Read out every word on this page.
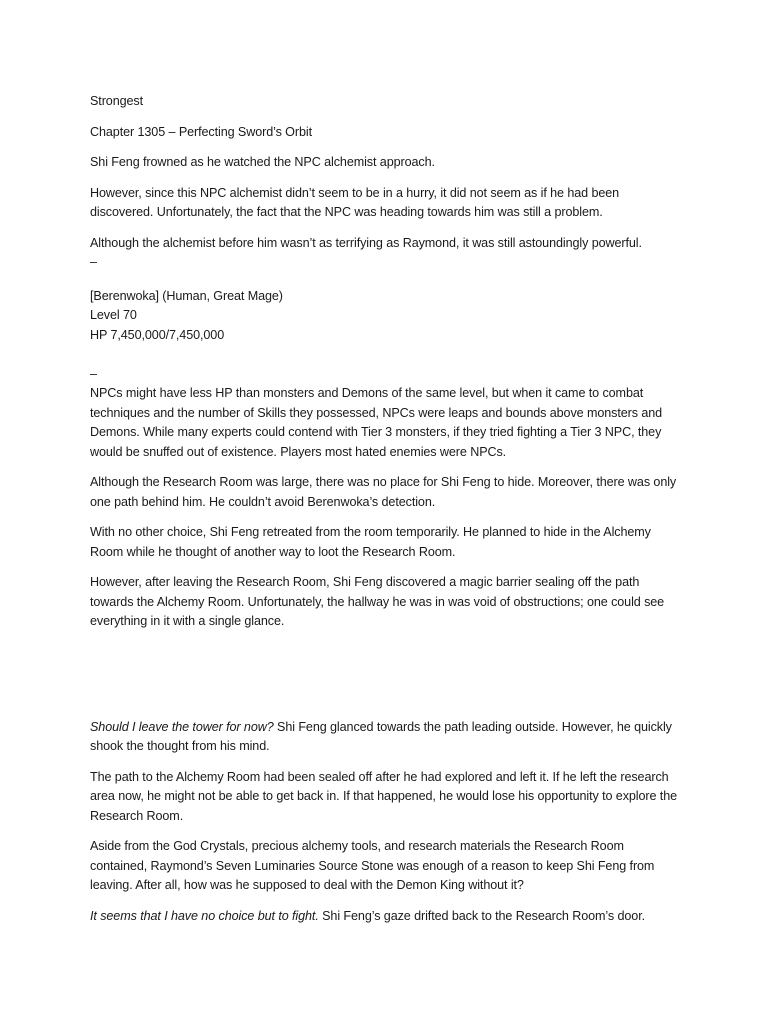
Strongest

Chapter 1305 – Perfecting Sword’s Orbit

Shi Feng frowned as he watched the NPC alchemist approach.

However, since this NPC alchemist didn’t seem to be in a hurry, it did not seem as if he had been discovered. Unfortunately, the fact that the NPC was heading towards him was still a problem.

Although the alchemist before him wasn’t as terrifying as Raymond, it was still astoundingly powerful.

–

[Berenwoka] (Human, Great Mage)

Level 70

HP 7,450,000/7,450,000

–

NPCs might have less HP than monsters and Demons of the same level, but when it came to combat techniques and the number of Skills they possessed, NPCs were leaps and bounds above monsters and Demons. While many experts could contend with Tier 3 monsters, if they tried fighting a Tier 3 NPC, they would be snuffed out of existence. Players most hated enemies were NPCs.

Although the Research Room was large, there was no place for Shi Feng to hide. Moreover, there was only one path behind him. He couldn’t avoid Berenwoka’s detection.

With no other choice, Shi Feng retreated from the room temporarily. He planned to hide in the Alchemy Room while he thought of another way to loot the Research Room.

However, after leaving the Research Room, Shi Feng discovered a magic barrier sealing off the path towards the Alchemy Room. Unfortunately, the hallway he was in was void of obstructions; one could see everything in it with a single glance.

Should I leave the tower for now? Shi Feng glanced towards the path leading outside. However, he quickly shook the thought from his mind.

The path to the Alchemy Room had been sealed off after he had explored and left it. If he left the research area now, he might not be able to get back in. If that happened, he would lose his opportunity to explore the Research Room.

Aside from the God Crystals, precious alchemy tools, and research materials the Research Room contained, Raymond’s Seven Luminaries Source Stone was enough of a reason to keep Shi Feng from leaving. After all, how was he supposed to deal with the Demon King without it?

It seems that I have no choice but to fight. Shi Feng’s gaze drifted back to the Research Room’s door.
